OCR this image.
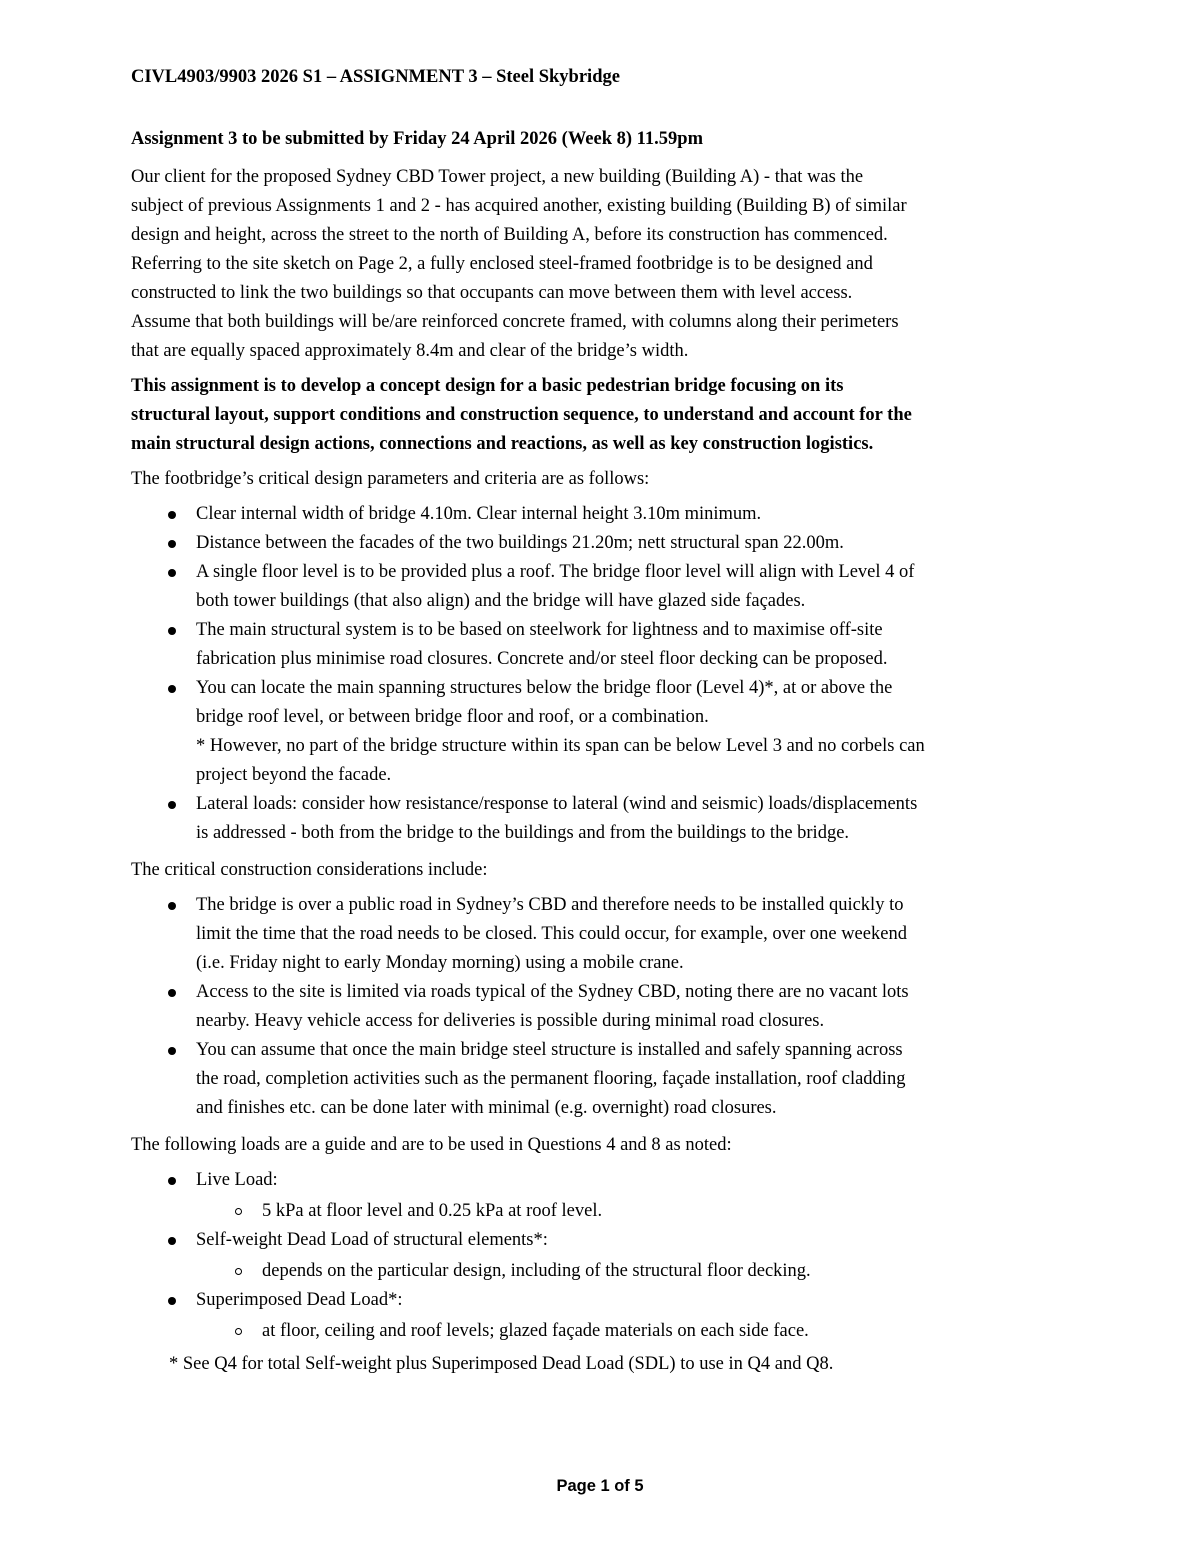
CIVL4903/9903 2026 S1 – ASSIGNMENT 3 – Steel Skybridge
Assignment 3 to be submitted by Friday 24 April 2026 (Week 8) 11.59pm
Our client for the proposed Sydney CBD Tower project, a new building (Building A) - that was the
subject of previous Assignments 1 and 2 - has acquired another, existing building (Building B) of similar
design and height, across the street to the north of Building A, before its construction has commenced.
Referring to the site sketch on Page 2, a fully enclosed steel-framed footbridge is to be designed and
constructed to link the two buildings so that occupants can move between them with level access.
Assume that both buildings will be/are reinforced concrete framed, with columns along their perimeters
that are equally spaced approximately 8.4m and clear of the bridge’s width.
This assignment is to develop a concept design for a basic pedestrian bridge focusing on its
structural layout, support conditions and construction sequence, to understand and account for the
main structural design actions, connections and reactions, as well as key construction logistics.
The footbridge’s critical design parameters and criteria are as follows:
Clear internal width of bridge 4.10m. Clear internal height 3.10m minimum.
Distance between the facades of the two buildings 21.20m; nett structural span 22.00m.
A single floor level is to be provided plus a roof. The bridge floor level will align with Level 4 of
both tower buildings (that also align) and the bridge will have glazed side façades.
The main structural system is to be based on steelwork for lightness and to maximise off-site
fabrication plus minimise road closures. Concrete and/or steel floor decking can be proposed.
You can locate the main spanning structures below the bridge floor (Level 4)*, at or above the
bridge roof level, or between bridge floor and roof, or a combination.
* However, no part of the bridge structure within its span can be below Level 3 and no corbels can
project beyond the facade.
Lateral loads: consider how resistance/response to lateral (wind and seismic) loads/displacements
is addressed - both from the bridge to the buildings and from the buildings to the bridge.
The critical construction considerations include:
The bridge is over a public road in Sydney’s CBD and therefore needs to be installed quickly to
limit the time that the road needs to be closed. This could occur, for example, over one weekend
(i.e. Friday night to early Monday morning) using a mobile crane.
Access to the site is limited via roads typical of the Sydney CBD, noting there are no vacant lots
nearby. Heavy vehicle access for deliveries is possible during minimal road closures.
You can assume that once the main bridge steel structure is installed and safely spanning across
the road, completion activities such as the permanent flooring, façade installation, roof cladding
and finishes etc. can be done later with minimal (e.g. overnight) road closures.
The following loads are a guide and are to be used in Questions 4 and 8 as noted:
Live Load:
5 kPa at floor level and 0.25 kPa at roof level.
Self-weight Dead Load of structural elements*:
depends on the particular design, including of the structural floor decking.
Superimposed Dead Load*:
at floor, ceiling and roof levels; glazed façade materials on each side face.
* See Q4 for total Self-weight plus Superimposed Dead Load (SDL) to use in Q4 and Q8.
Page 1 of 5
